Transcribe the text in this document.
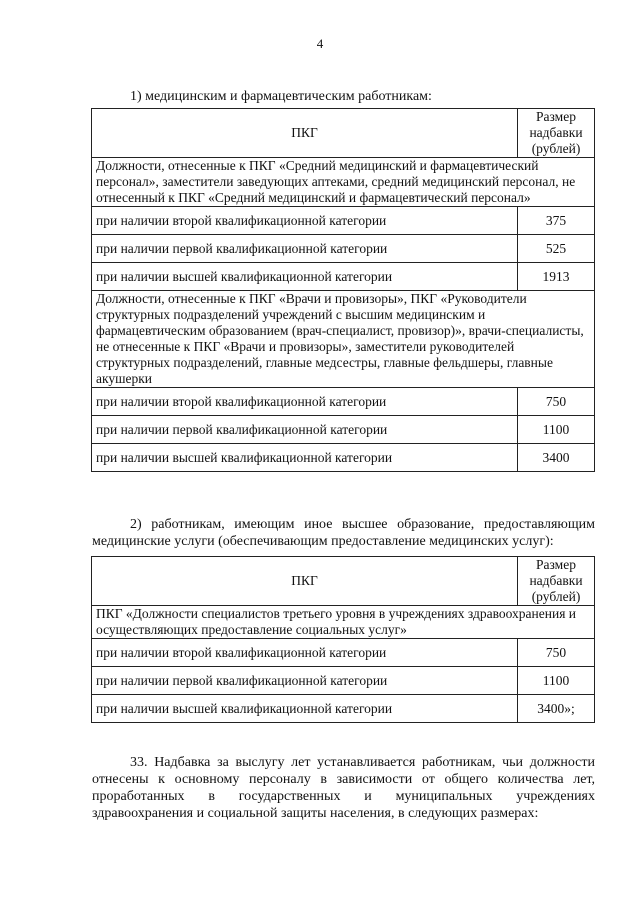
4
1) медицинским и фармацевтическим работникам:
ПКГ	Размер надбавки (рублей)
Должности, отнесенные к ПКГ «Средний медицинский и фармацевтический персонал», заместители заведующих аптеками, средний медицинский персонал, не отнесенный к ПКГ «Средний медицинский и фармацевтический персонал»	
при наличии второй квалификационной категории	375
при наличии первой квалификационной категории	525
при наличии высшей квалификационной категории	1913
Должности, отнесенные к ПКГ «Врачи и провизоры», ПКГ «Руководители структурных подразделений учреждений с высшим медицинским и фармацевтическим образованием (врач-специалист, провизор)», врачи-специалисты, не отнесенные к ПКГ «Врачи и провизоры», заместители руководителей структурных подразделений, главные медсестры, главные фельдшеры, главные акушерки	
при наличии второй квалификационной категории	750
при наличии первой квалификационной категории	1100
при наличии высшей квалификационной категории	3400
2) работникам, имеющим иное высшее образование, предоставляющим медицинские услуги (обеспечивающим предоставление медицинских услуг):
ПКГ	Размер надбавки (рублей)
ПКГ «Должности специалистов третьего уровня в учреждениях здравоохранения и осуществляющих предоставление социальных услуг»	
при наличии второй квалификационной категории	750
при наличии первой квалификационной категории	1100
при наличии высшей квалификационной категории	3400»;
33. Надбавка за выслугу лет устанавливается работникам, чьи должности отнесены к основному персоналу в зависимости от общего количества лет, проработанных в государственных и муниципальных учреждениях здравоохранения и социальной защиты населения, в следующих размерах:
